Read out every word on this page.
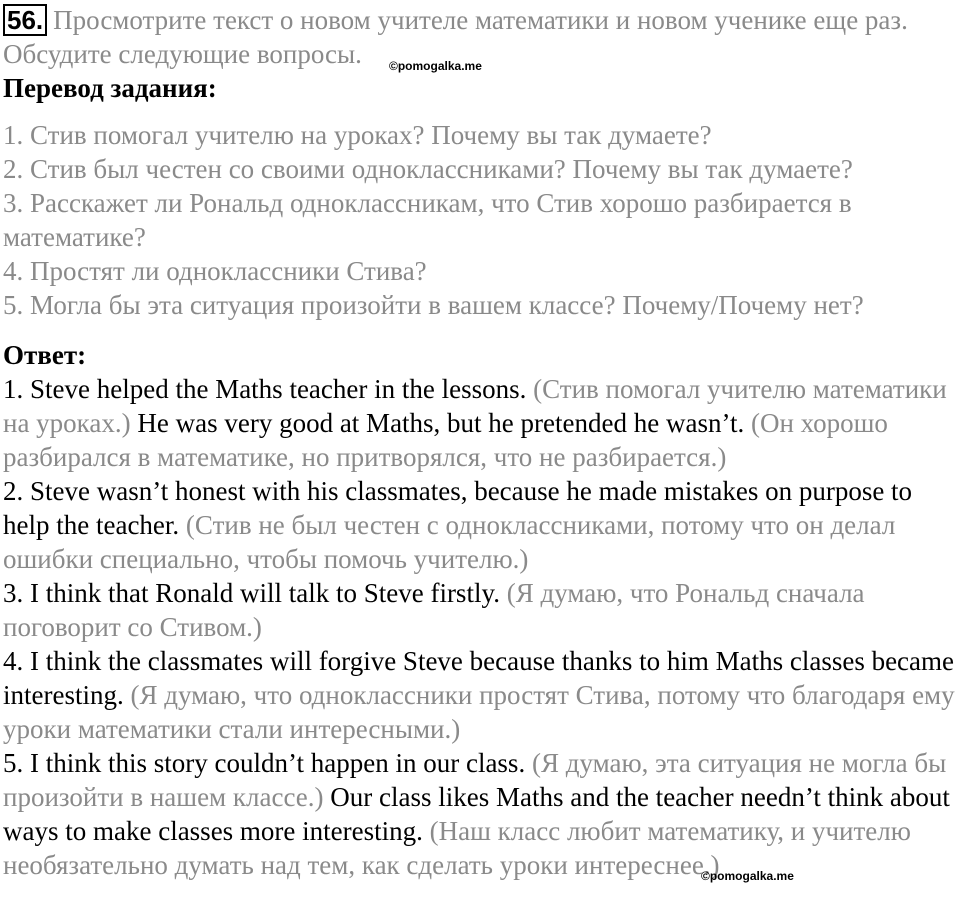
56. Просмотрите текст о новом учителе математики и новом ученике еще раз. Обсудите следующие вопросы.

Перевод задания:

1. Стив помогал учителю на уроках? Почему вы так думаете?

2. Стив был честен со своими одноклассниками? Почему вы так думаете?

3. Расскажет ли Рональд одноклассникам, что Стив хорошо разбирается в математике?

4. Простят ли одноклассники Стива?

5. Могла бы эта ситуация произойти в вашем классе? Почему/Почему нет?

Ответ:

1. Steve helped the Maths teacher in the lessons. (Стив помогал учителю математики на уроках.) He was very good at Maths, but he pretended he wasn’t. (Он хорошо разбирался в математике, но притворялся, что не разбирается.)

2. Steve wasn’t honest with his classmates, because he made mistakes on purpose to help the teacher. (Стив не был честен с одноклассниками, потому что он делал ошибки специально, чтобы помочь учителю.)

3. I think that Ronald will talk to Steve firstly. (Я думаю, что Рональд сначала поговорит со Стивом.)

4. I think the classmates will forgive Steve because thanks to him Maths classes became interesting. (Я думаю, что одноклассники простят Стива, потому что благодаря ему уроки математики стали интересными.)

5. I think this story couldn’t happen in our class. (Я думаю, эта ситуация не могла бы произойти в нашем классе.) Our class likes Maths and the teacher needn’t think about ways to make classes more interesting. (Наш класс любит математику, и учителю необязательно думать над тем, как сделать уроки интереснее.)

©pomogalka.me
©pomogalka.me
